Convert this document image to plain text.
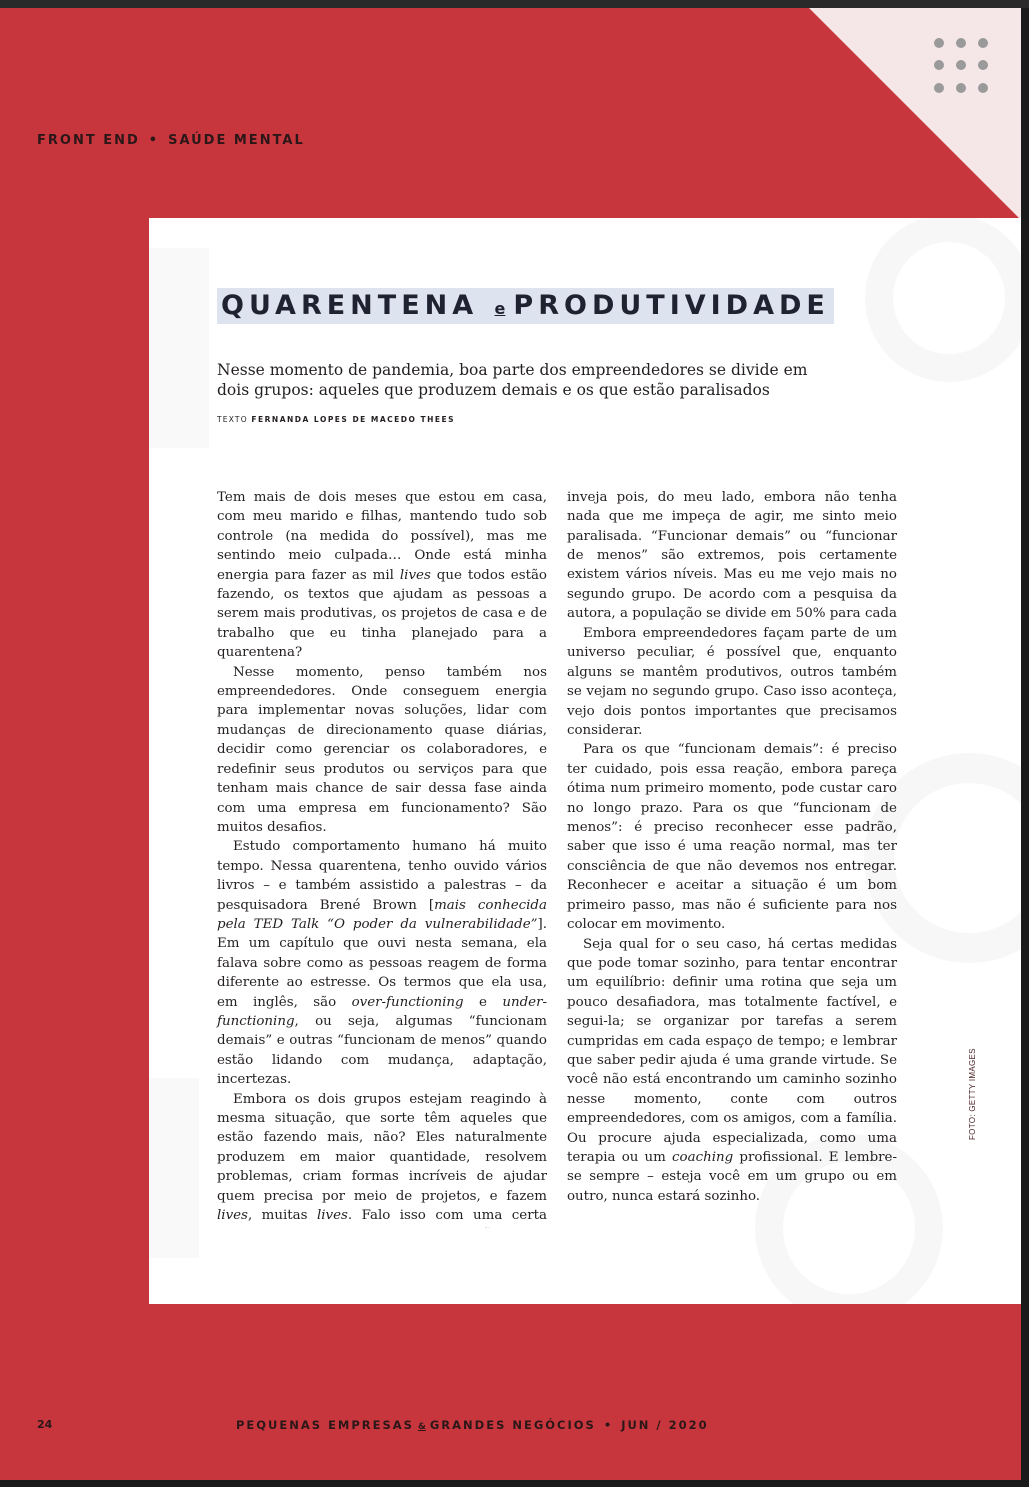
FRONT END • SAÚDE MENTAL
24	PEQUENAS EMPRESAS & GRANDES NEGÓCIOS • JUN / 2020
QUARENTENA e PRODUTIVIDADE
Nesse momento de pandemia, boa parte dos empreendedores se divide em dois grupos: aqueles que produzem demais e os que estão paralisados
TEXTO FERNANDA LOPES DE MACEDO THEES

Tem mais de dois meses que estou em casa, com meu marido e filhas, mantendo tudo sob controle (na medida do possível), mas me sentindo meio culpada… Onde está minha energia para fazer as mil lives que todos estão fazendo, os textos que ajudam as pessoas a serem mais produtivas, os projetos de casa e de trabalho que eu tinha planejado para a quarentena?

Nesse momento, penso também nos empreendedores. Onde conseguem energia para implementar novas soluções, lidar com mudanças de direcionamento quase diárias, decidir como gerenciar os colaboradores, e redefinir seus produtos ou serviços para que tenham mais chance de sair dessa fase ainda com uma empresa em funcionamento? São muitos desafios.

Estudo comportamento humano há muito tempo. Nessa quarentena, tenho ouvido vários livros – e também assistido a palestras – da pesquisadora Brené Brown [mais conhecida pela TED Talk “O poder da vulnerabilidade”]. Em um capítulo que ouvi nesta semana, ela falava sobre como as pessoas reagem de forma diferente ao estresse. Os termos que ela usa, em inglês, são over-functioning e under-functioning, ou seja, algumas “funcionam demais” e outras “funcionam de menos” quando estão lidando com mudança, adaptação, incertezas.

Embora os dois grupos estejam reagindo à mesma situação, que sorte têm aqueles que estão fazendo mais, não? Eles naturalmente produzem em maior quantidade, resolvem problemas, criam formas incríveis de ajudar quem precisa por meio de projetos, e fazem lives, muitas lives. Falo isso com uma certa

inveja pois, do meu lado, embora não tenha nada que me impeça de agir, me sinto meio paralisada. “Funcionar demais” ou “funcionar de menos” são extremos, pois certamente existem vários níveis. Mas eu me vejo mais no segundo grupo. De acordo com a pesquisa da autora, a população se divide em 50% para cada

Embora empreendedores façam parte de um universo peculiar, é possível que, enquanto alguns se mantêm produtivos, outros também se vejam no segundo grupo. Caso isso aconteça, vejo dois pontos importantes que precisamos considerar.

Para os que “funcionam demais”: é preciso ter cuidado, pois essa reação, embora pareça ótima num primeiro momento, pode custar caro no longo prazo. Para os que “funcionam de menos”: é preciso reconhecer esse padrão, saber que isso é uma reação normal, mas ter consciência de que não devemos nos entregar. Reconhecer e aceitar a situação é um bom primeiro passo, mas não é suficiente para nos colocar em movimento.

Seja qual for o seu caso, há certas medidas que pode tomar sozinho, para tentar encontrar um equilíbrio: definir uma rotina que seja um pouco desafiadora, mas totalmente factível, e segui-la; se organizar por tarefas a serem cumpridas em cada espaço de tempo; e lembrar que saber pedir ajuda é uma grande virtude. Se você não está encontrando um caminho sozinho nesse momento, conte com outros empreendedores, com os amigos, com a família. Ou procure ajuda especializada, como uma terapia ou um coaching profissional. E lembre-se sempre – esteja você em um grupo ou em outro, nunca estará sozinho.

FOTO: GETTY IMAGES
